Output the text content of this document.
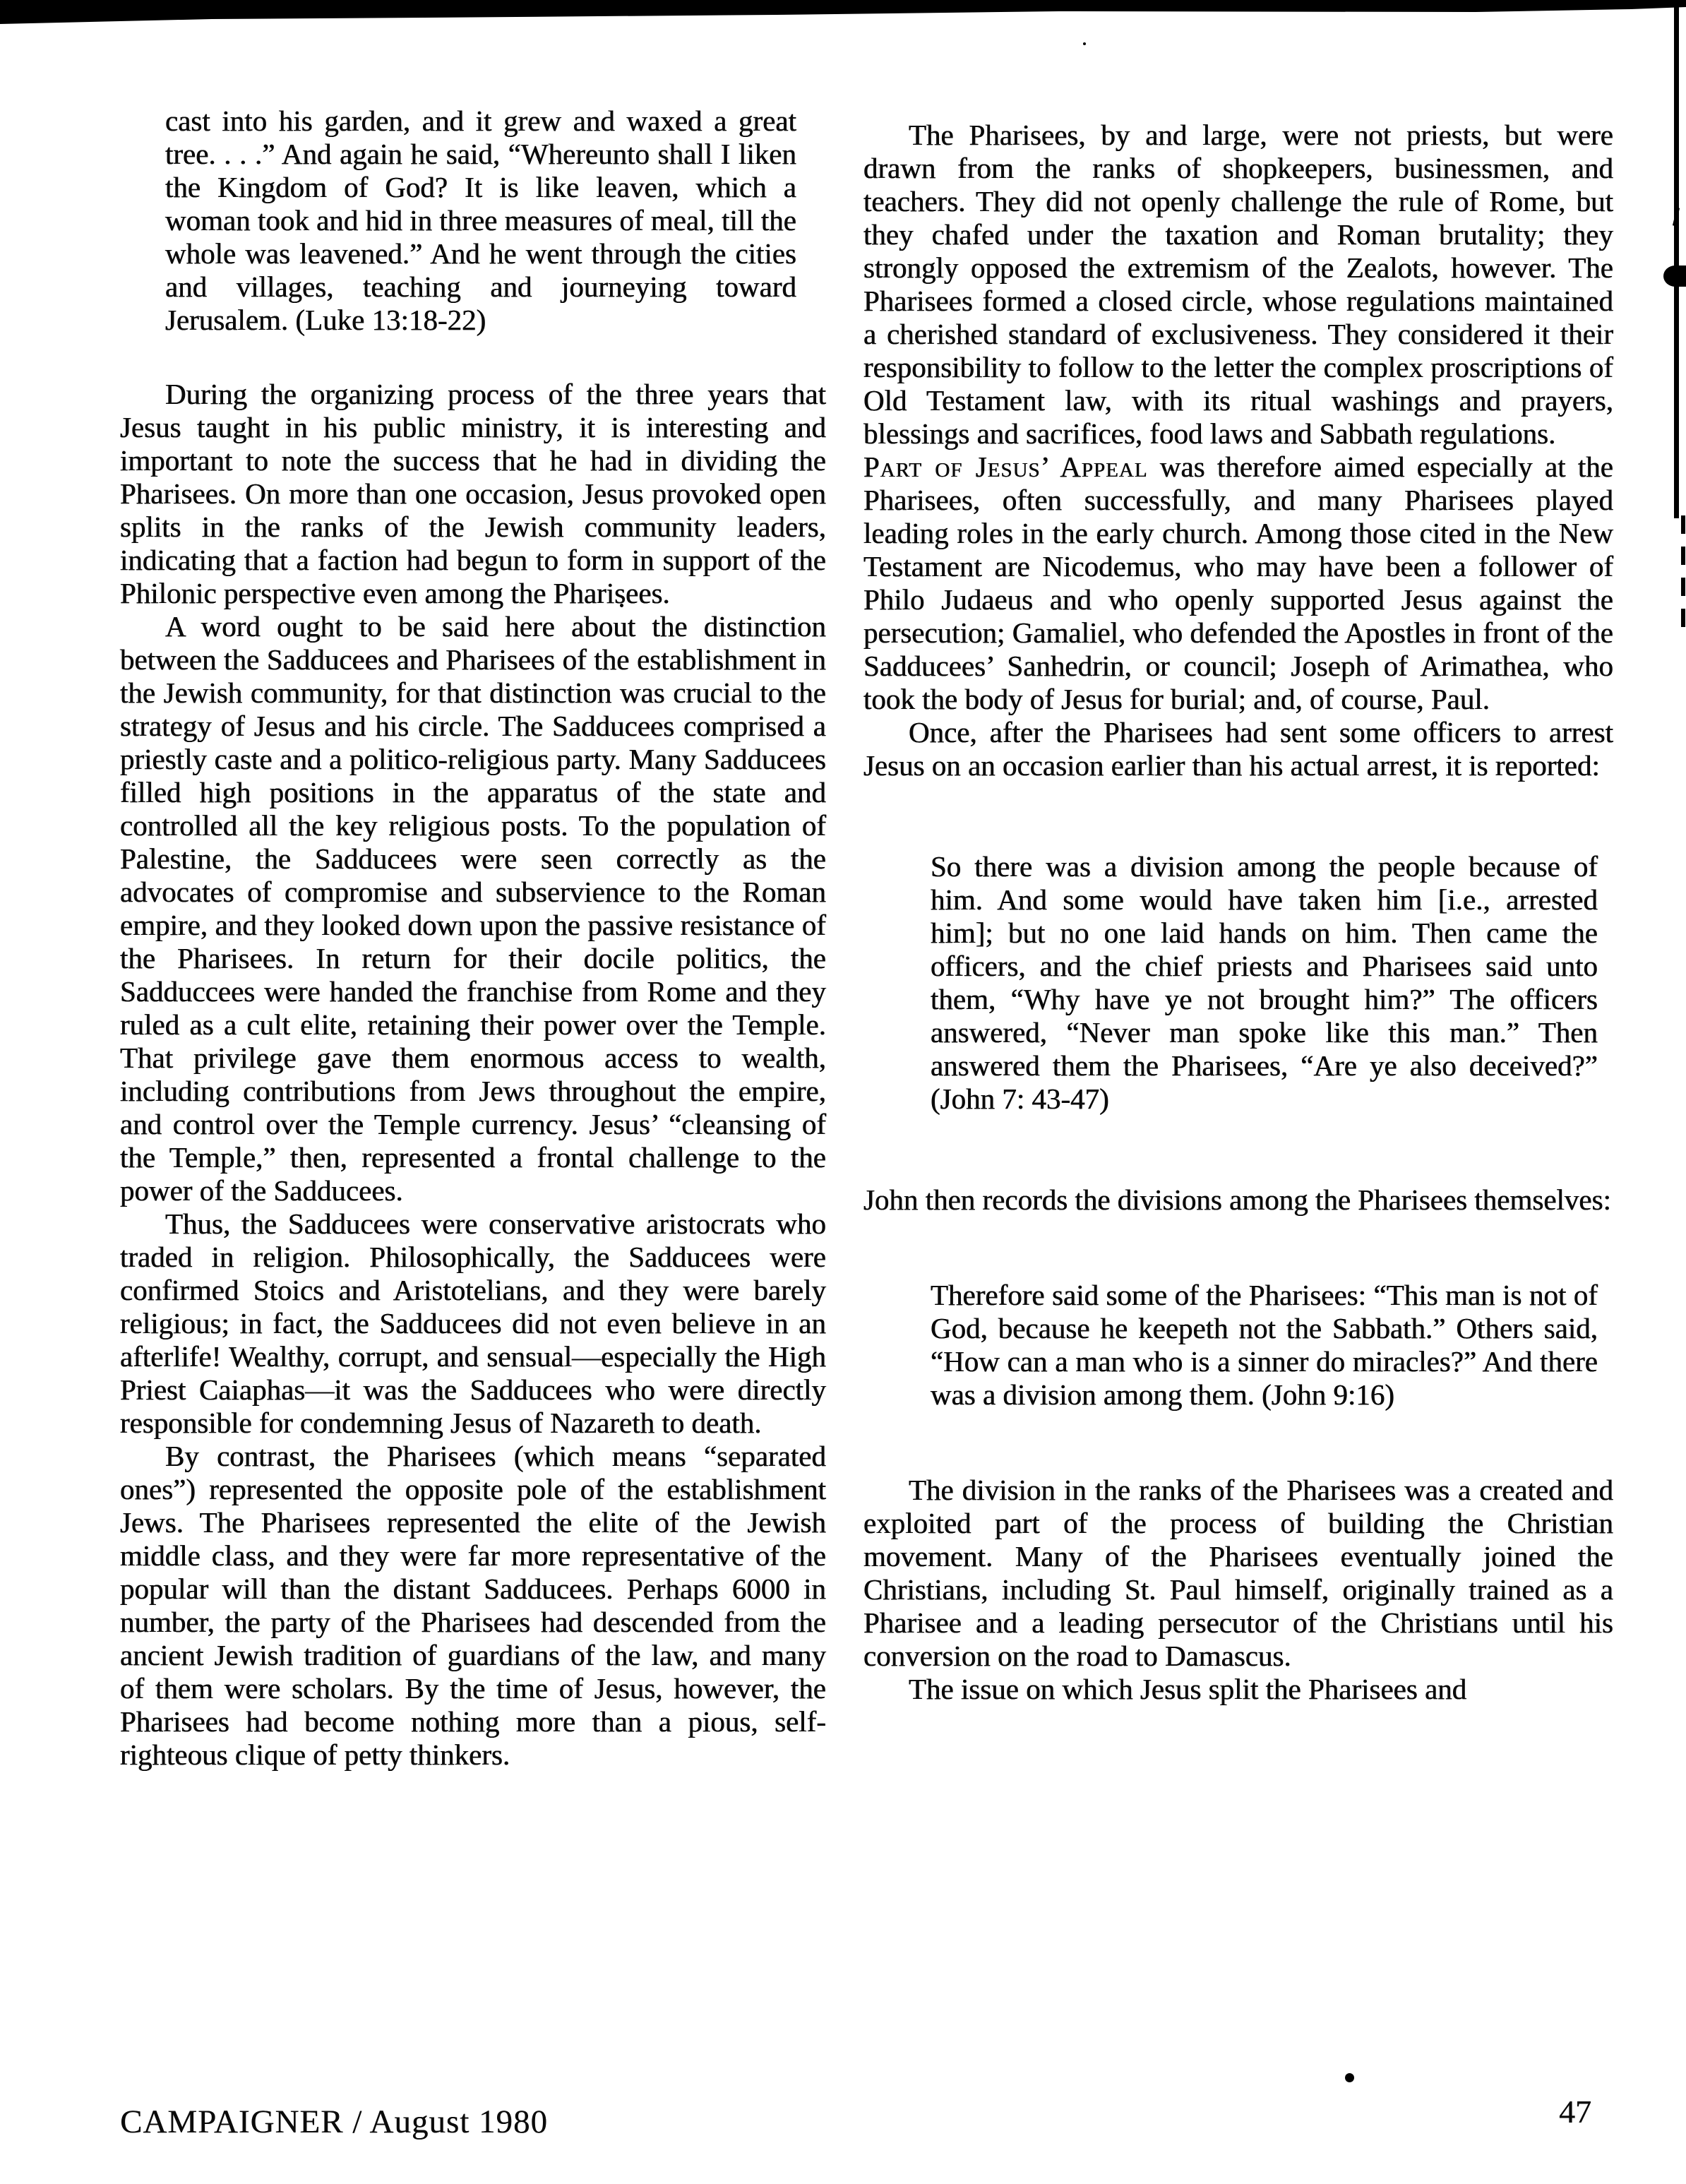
cast into his garden, and it grew and waxed a great tree. . . .” And again he said, “Whereunto shall I liken the Kingdom of God? It is like leaven, which a woman took and hid in three measures of meal, till the whole was leavened.” And he went through the cities and villages, teaching and journeying toward Jerusalem. (Luke 13:18-22)

During the organizing process of the three years that Jesus taught in his public ministry, it is interesting and important to note the success that he had in dividing the Pharisees. On more than one occasion, Jesus provoked open splits in the ranks of the Jewish community leaders, indicating that a faction had begun to form in support of the Philonic perspective even among the Pharisees.

A word ought to be said here about the distinction between the Sadducees and Pharisees of the establishment in the Jewish community, for that distinction was crucial to the strategy of Jesus and his circle. The Sadducees comprised a priestly caste and a politico-religious party. Many Sadducees filled high positions in the apparatus of the state and controlled all the key religious posts. To the population of Palestine, the Sadducees were seen correctly as the advocates of compromise and subservience to the Roman empire, and they looked down upon the passive resistance of the Pharisees. In return for their docile politics, the Sadduccees were handed the franchise from Rome and they ruled as a cult elite, retaining their power over the Temple. That privilege gave them enormous access to wealth, including contributions from Jews throughout the empire, and control over the Temple currency. Jesus’ “cleansing of the Temple,” then, represented a frontal challenge to the power of the Sadducees.

Thus, the Sadducees were conservative aristocrats who traded in religion. Philosophically, the Sadducees were confirmed Stoics and Aristotelians, and they were barely religious; in fact, the Sadducees did not even believe in an afterlife! Wealthy, corrupt, and sensual—especially the High Priest Caiaphas—it was the Sadducees who were directly responsible for condemning Jesus of Nazareth to death.

By contrast, the Pharisees (which means “separated ones”) represented the opposite pole of the establishment Jews. The Pharisees represented the elite of the Jewish middle class, and they were far more representative of the popular will than the distant Sadducees. Perhaps 6000 in number, the party of the Pharisees had descended from the ancient Jewish tradition of guardians of the law, and many of them were scholars. By the time of Jesus, however, the Pharisees had become nothing more than a pious, self-righteous clique of petty thinkers.

The Pharisees, by and large, were not priests, but were drawn from the ranks of shopkeepers, businessmen, and teachers. They did not openly challenge the rule of Rome, but they chafed under the taxation and Roman brutality; they strongly opposed the extremism of the Zealots, however. The Pharisees formed a closed circle, whose regulations maintained a cherished standard of exclusiveness. They considered it their responsibility to follow to the letter the complex proscriptions of Old Testament law, with its ritual washings and prayers, blessings and sacrifices, food laws and Sabbath regulations.

Part of Jesus’ Appeal was therefore aimed especially at the Pharisees, often successfully, and many Pharisees played leading roles in the early church. Among those cited in the New Testament are Nicodemus, who may have been a follower of Philo Judaeus and who openly supported Jesus against the persecution; Gamaliel, who defended the Apostles in front of the Sadducees’ Sanhedrin, or council; Joseph of Arimathea, who took the body of Jesus for burial; and, of course, Paul.

Once, after the Pharisees had sent some officers to arrest Jesus on an occasion earlier than his actual arrest, it is reported:

So there was a division among the people because of him. And some would have taken him [i.e., arrested him]; but no one laid hands on him. Then came the officers, and the chief priests and Pharisees said unto them, “Why have ye not brought him?” The officers answered, “Never man spoke like this man.” Then answered them the Pharisees, “Are ye also deceived?” (John 7: 43-47)

John then records the divisions among the Pharisees themselves:

Therefore said some of the Pharisees: “This man is not of God, because he keepeth not the Sabbath.” Others said, “How can a man who is a sinner do miracles?” And there was a division among them. (John 9:16)

The division in the ranks of the Pharisees was a created and exploited part of the process of building the Christian movement. Many of the Pharisees eventually joined the Christians, including St. Paul himself, originally trained as a Pharisee and a leading persecutor of the Christians until his conversion on the road to Damascus.

The issue on which Jesus split the Pharisees and

CAMPAIGNER / August 1980	47
